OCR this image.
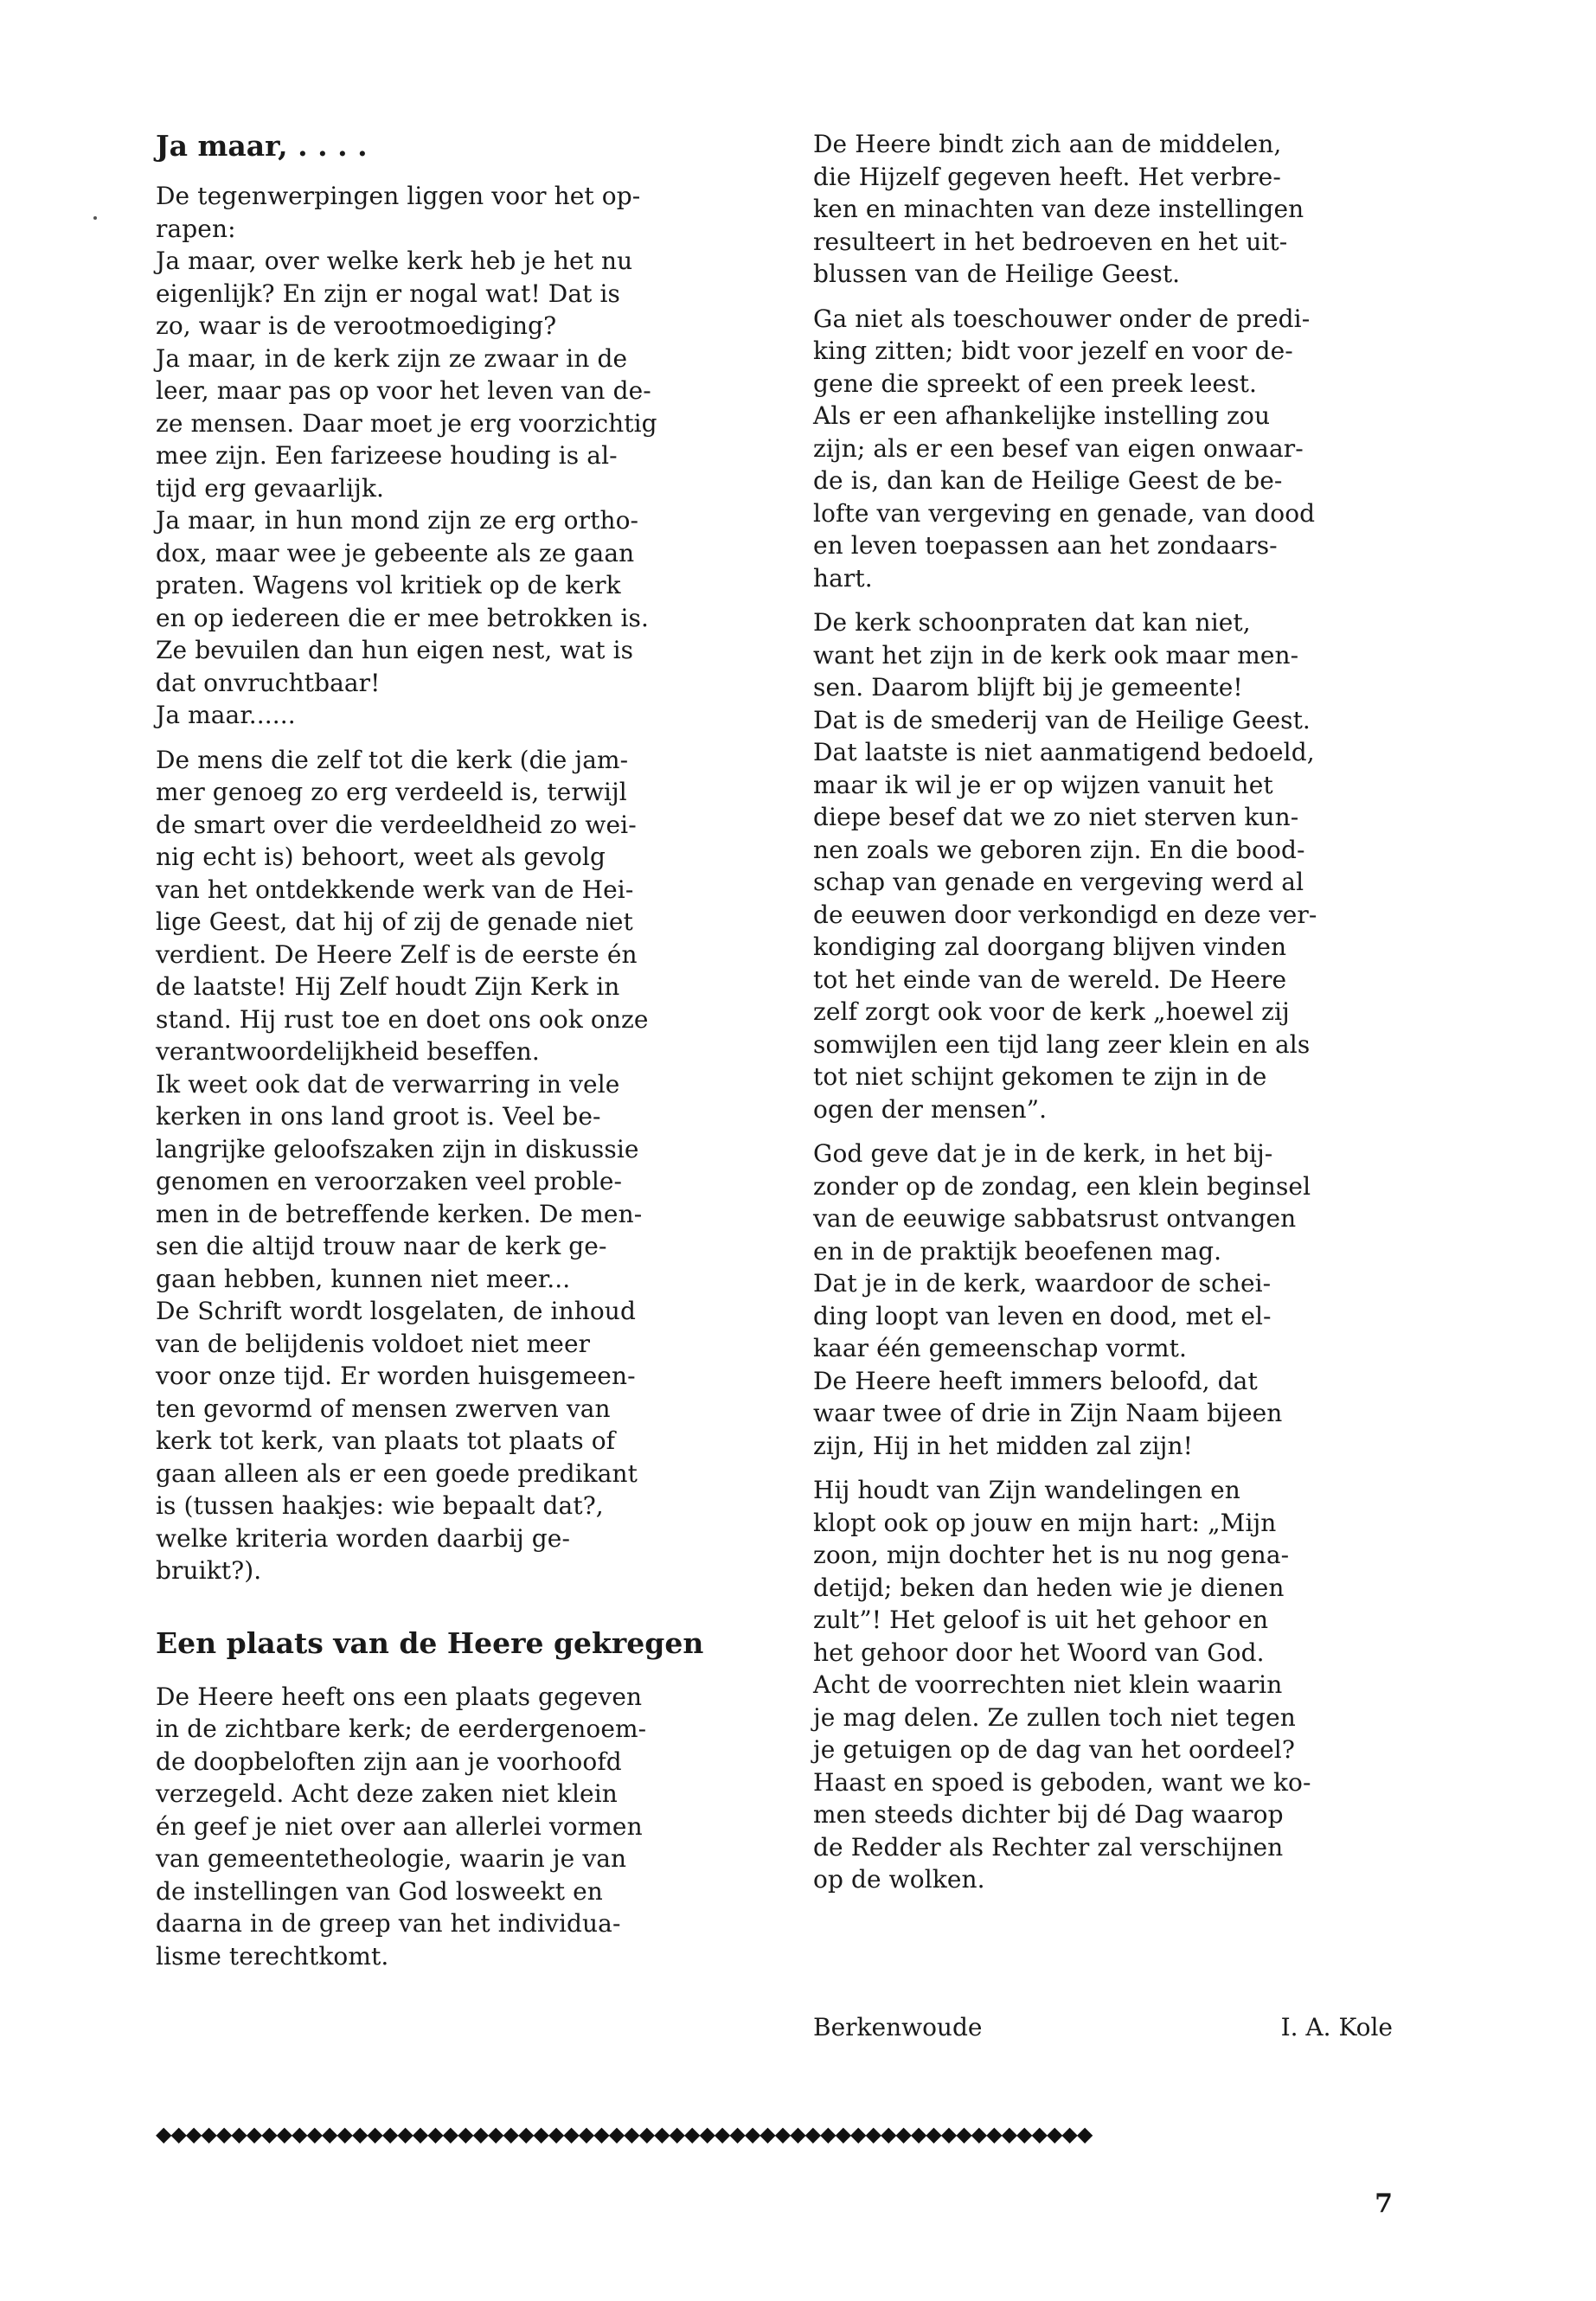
Ja maar, . . . .

De tegenwerpingen liggen voor het op-
rapen:
Ja maar, over welke kerk heb je het nu
eigenlijk? En zijn er nogal wat! Dat is
zo, waar is de verootmoediging?
Ja maar, in de kerk zijn ze zwaar in de
leer, maar pas op voor het leven van de-
ze mensen. Daar moet je erg voorzichtig
mee zijn. Een farizeese houding is al-
tijd erg gevaarlijk.
Ja maar, in hun mond zijn ze erg ortho-
dox, maar wee je gebeente als ze gaan
praten. Wagens vol kritiek op de kerk
en op iedereen die er mee betrokken is.
Ze bevuilen dan hun eigen nest, wat is
dat onvruchtbaar!
Ja maar......

De mens die zelf tot die kerk (die jam-
mer genoeg zo erg verdeeld is, terwijl
de smart over die verdeeldheid zo wei-
nig echt is) behoort, weet als gevolg
van het ontdekkende werk van de Hei-
lige Geest, dat hij of zij de genade niet
verdient. De Heere Zelf is de eerste én
de laatste! Hij Zelf houdt Zijn Kerk in
stand. Hij rust toe en doet ons ook onze
verantwoordelijkheid beseffen.
Ik weet ook dat de verwarring in vele
kerken in ons land groot is. Veel be-
langrijke geloofszaken zijn in diskussie
genomen en veroorzaken veel proble-
men in de betreffende kerken. De men-
sen die altijd trouw naar de kerk ge-
gaan hebben, kunnen niet meer...
De Schrift wordt losgelaten, de inhoud
van de belijdenis voldoet niet meer
voor onze tijd. Er worden huisgemeen-
ten gevormd of mensen zwerven van
kerk tot kerk, van plaats tot plaats of
gaan alleen als er een goede predikant
is (tussen haakjes: wie bepaalt dat?,
welke kriteria worden daarbij ge-
bruikt?).

Een plaats van de Heere gekregen

De Heere heeft ons een plaats gegeven
in de zichtbare kerk; de eerdergenoem-
de doopbeloften zijn aan je voorhoofd
verzegeld. Acht deze zaken niet klein
én geef je niet over aan allerlei vormen
van gemeentetheologie, waarin je van
de instellingen van God losweekt en
daarna in de greep van het individua-
lisme terechtkomt.

De Heere bindt zich aan de middelen,
die Hijzelf gegeven heeft. Het verbre-
ken en minachten van deze instellingen
resulteert in het bedroeven en het uit-
blussen van de Heilige Geest.

Ga niet als toeschouwer onder de predi-
king zitten; bidt voor jezelf en voor de-
gene die spreekt of een preek leest.
Als er een afhankelijke instelling zou
zijn; als er een besef van eigen onwaar-
de is, dan kan de Heilige Geest de be-
lofte van vergeving en genade, van dood
en leven toepassen aan het zondaars-
hart.

De kerk schoonpraten dat kan niet,
want het zijn in de kerk ook maar men-
sen. Daarom blijft bij je gemeente!
Dat is de smederij van de Heilige Geest.
Dat laatste is niet aanmatigend bedoeld,
maar ik wil je er op wijzen vanuit het
diepe besef dat we zo niet sterven kun-
nen zoals we geboren zijn. En die bood-
schap van genade en vergeving werd al
de eeuwen door verkondigd en deze ver-
kondiging zal doorgang blijven vinden
tot het einde van de wereld. De Heere
zelf zorgt ook voor de kerk „hoewel zij
somwijlen een tijd lang zeer klein en als
tot niet schijnt gekomen te zijn in de
ogen der mensen”.

God geve dat je in de kerk, in het bij-
zonder op de zondag, een klein beginsel
van de eeuwige sabbatsrust ontvangen
en in de praktijk beoefenen mag.
Dat je in de kerk, waardoor de schei-
ding loopt van leven en dood, met el-
kaar één gemeenschap vormt.
De Heere heeft immers beloofd, dat
waar twee of drie in Zijn Naam bijeen
zijn, Hij in het midden zal zijn!

Hij houdt van Zijn wandelingen en
klopt ook op jouw en mijn hart: „Mijn
zoon, mijn dochter het is nu nog gena-
detijd; beken dan heden wie je dienen
zult”! Het geloof is uit het gehoor en
het gehoor door het Woord van God.
Acht de voorrechten niet klein waarin
je mag delen. Ze zullen toch niet tegen
je getuigen op de dag van het oordeel?
Haast en spoed is geboden, want we ko-
men steeds dichter bij dé Dag waarop
de Redder als Rechter zal verschijnen
op de wolken.

Berkenwoude	I. A. Kole
◆◆◆◆◆◆◆◆◆◆◆◆◆◆◆◆◆◆◆◆◆◆◆◆◆◆◆◆◆◆◆◆◆◆◆◆◆◆◆◆◆◆◆◆◆◆◆◆◆◆◆◆◆◆◆◆◆◆◆◆◆◆
7
